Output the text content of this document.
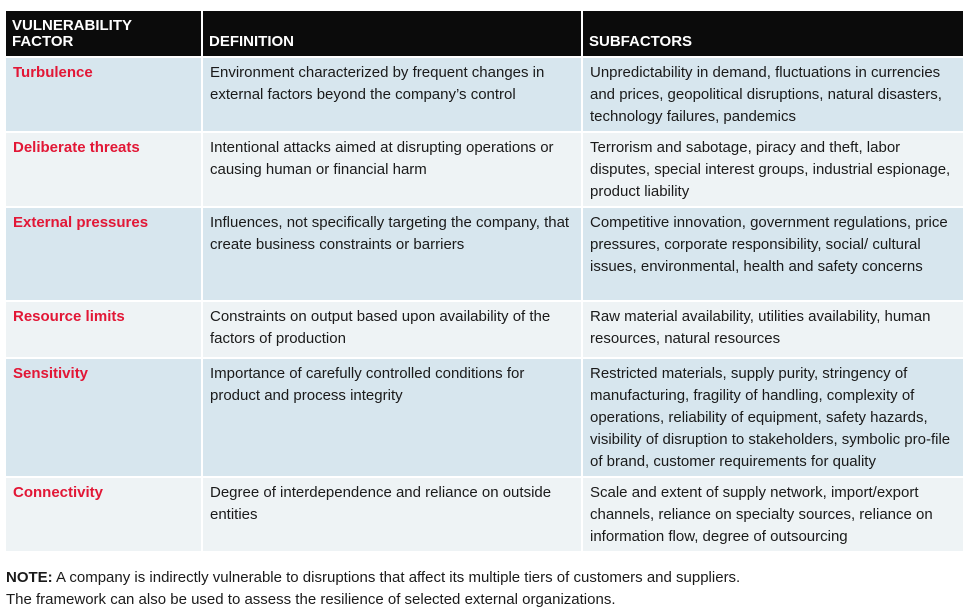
VULNERABILITY
FACTOR	DEFINITION	SUBFACTORS
Turbulence	Environment characterized by frequent changes in external factors beyond the company’s control	Unpredictability in demand, fluctuations in currencies and prices, geopolitical disruptions, natural disasters, technology failures, pandemics
Deliberate threats	Intentional attacks aimed at disrupting operations or causing human or financial harm	Terrorism and sabotage, piracy and theft, labor disputes, special interest groups, industrial espionage, product liability
External pressures	Influences, not specifically targeting the company, that create business constraints or barriers	Competitive innovation, government regulations, price pressures, corporate responsibility, social/ cultural issues, environmental, health and safety concerns
Resource limits	Constraints on output based upon availability of the factors of production	Raw material availability, utilities availability, human resources, natural resources
Sensitivity	Importance of carefully controlled conditions for product and process integrity	Restricted materials, supply purity, stringency of manufacturing, fragility of handling, complexity of operations, reliability of equipment, safety hazards, visibility of disruption to stakeholders, symbolic pro-file of brand, customer requirements for quality
Connectivity	Degree of interdependence and reliance on outside entities	Scale and extent of supply network, import/export channels, reliance on specialty sources, reliance on information flow, degree of outsourcing
NOTE: A company is indirectly vulnerable to disruptions that affect its multiple tiers of customers and suppliers.
The framework can also be used to assess the resilience of selected external organizations.
